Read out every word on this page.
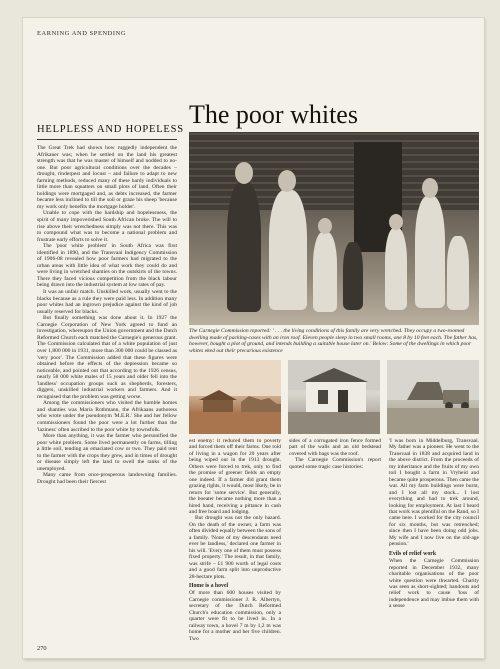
EARNING AND SPENDING
The poor whites
HELPLESS AND HOPELESS

The Great Trek had shown how ruggedly independent the Afrikaner was; when he settled on the land his greatest strength was that he was master of himself and nodded to no-one. But poor agricultural conditions over the decades – drought, rinderpest and locust – and failure to adapt to new farming methods, reduced many of these hardy individuals to little more than squatters on small plots of land. Often their holdings were mortgaged and, as debts increased, the farmer became less inclined to till the soil or graze his sheep 'because my work only benefits the mortgage holder'.

Unable to cope with the hardship and hopelessness, the spirit of many impoverished South African broke. The will to rise above their wretchedness simply was not there. This was to compound what was to become a national problem and frustrate early efforts to solve it.

The 'poor white problem' in South Africa was first identified in 1890, and the Transvaal Indigency Commission of 1906-08 revealed how poor farmers had migrated to the urban areas with little idea of what work they could do and were living in wretched shanties on the outskirts of the towns. There they faced vicious competition from the black labour being drawn into the industrial system at low rates of pay.

It was an unfair match. Unskilled work, usually went to the blacks because as a rule they were paid less. In addition many poor whites had an ingrown prejudice against the kind of job usually reserved for blacks.

But finally something was done about it. In 1927 the Carnegie Corporation of New York agreed to fund an investigation, whereupon the Union government and the Dutch Reformed Church each matched the Carnegie's generous grant. The Commission calculated that of a white population of just over 1,800 000 in 1931, more than 300 000 could be classed as 'very poor'. The Commission added that these figures were obtained before the effects of the depression became so noticeable, and pointed out that according to the 1926 census, nearly 58 000 white males of 15 years and older fell into the 'landless' occupation groups such as shepherds, foresters, diggers, unskilled industrial workers and farmers. And it recognised that the problem was getting worse.

Among the commissioners who visited the humble homes and shanties was Maria Rothmann, the Afrikaans authoress who wrote under the pseudonym 'M.E.R.' She and her fellow commissioners found the poor were a lot further than the 'laziness' often ascribed to the poor white by townsfolk.

More than anything, it was the farmer who personified the poor white problem. Some lived permanently on farms, tilling a little soil, tending an emaciated cow or two. They paid rent to the farmer with the crops they grew, and in times of drought or disease simply left the land to swell the ranks of the unemployed.

Many came from once-prosperous landowning families. Drought had been their fiercest

The Carnegie Commission reported: ' . . . the living conditions of this family are very wretched. They occupy a two-roomed dwelling made of packing-cases with an iron roof. Eleven people sleep in two small rooms, one 8 by 10 feet each. The father has, however, bought a plot of ground, and intends building a suitable house later on.' Below: Some of the dwellings in which poor whites eked out their precarious existence

est enemy: it reduced them to poverty and forced them off their farms. One told of living in a wagon for 20 years after being wiped out in the 1913 drought. Others were forced to trek, only to find the promise of greener fields an empty one indeed. If a farmer did grant them grazing rights, it would, most likely, be in return for 'some service'. But generally, the boeater became nothing more than a hired hand, receiving a pittance in cash and free board and lodging.

But drought was not the only hazard. On the death of the owner, a farm was often divided equally between the sons of a family. 'None of my descendants need ever be landless,' declared one farmer in his will. 'Every one of them must possess fixed property.' The result, in that family, was strife – £1 900 worth of legal costs and a good farm split into unproductive 28-hectare plots.

Home is a hovel

Of more than 600 houses visited by Carnegie commissioner J. R. Albertyn, secretary of the Dutch Reformed Church's education commission, only a quarter were fit to be lived in. In a railway town, a hovel 7 m by 1,2 m was home for a mother and her five children. Two

sides of a corrugated iron fence formed part of the walls and an old bedstead covered with bags was the roof.

The Carnegie Commission's report quoted some tragic case histories:

270

'I was born in Middelburg, Transvaal. My father was a pioneer. He went to the Transvaal in 1838 and acquired land in the above district. From the proceeds of my inheritance and the fruits of my own toil I bought a farm in Vryheid and became quite prosperous. Then came the war. All my farm buildings were burnt, and I lost all my stock... I lost everything and had to trek around, looking for employment. At last I heard that work was plentiful on the Rand, so I came here. I worked for the city council for six months, but was retrenched; since then I have been doing odd jobs. My wife and I now live on the old-age pension.'

Evils of relief work

When the Carnegie Commission reported in December 1932, many charitable organisations of the poor white question were thwarted. Charity was seen as short-sighted; handouts and relief work to cause 'loss of independence and may imbue them with a sense
